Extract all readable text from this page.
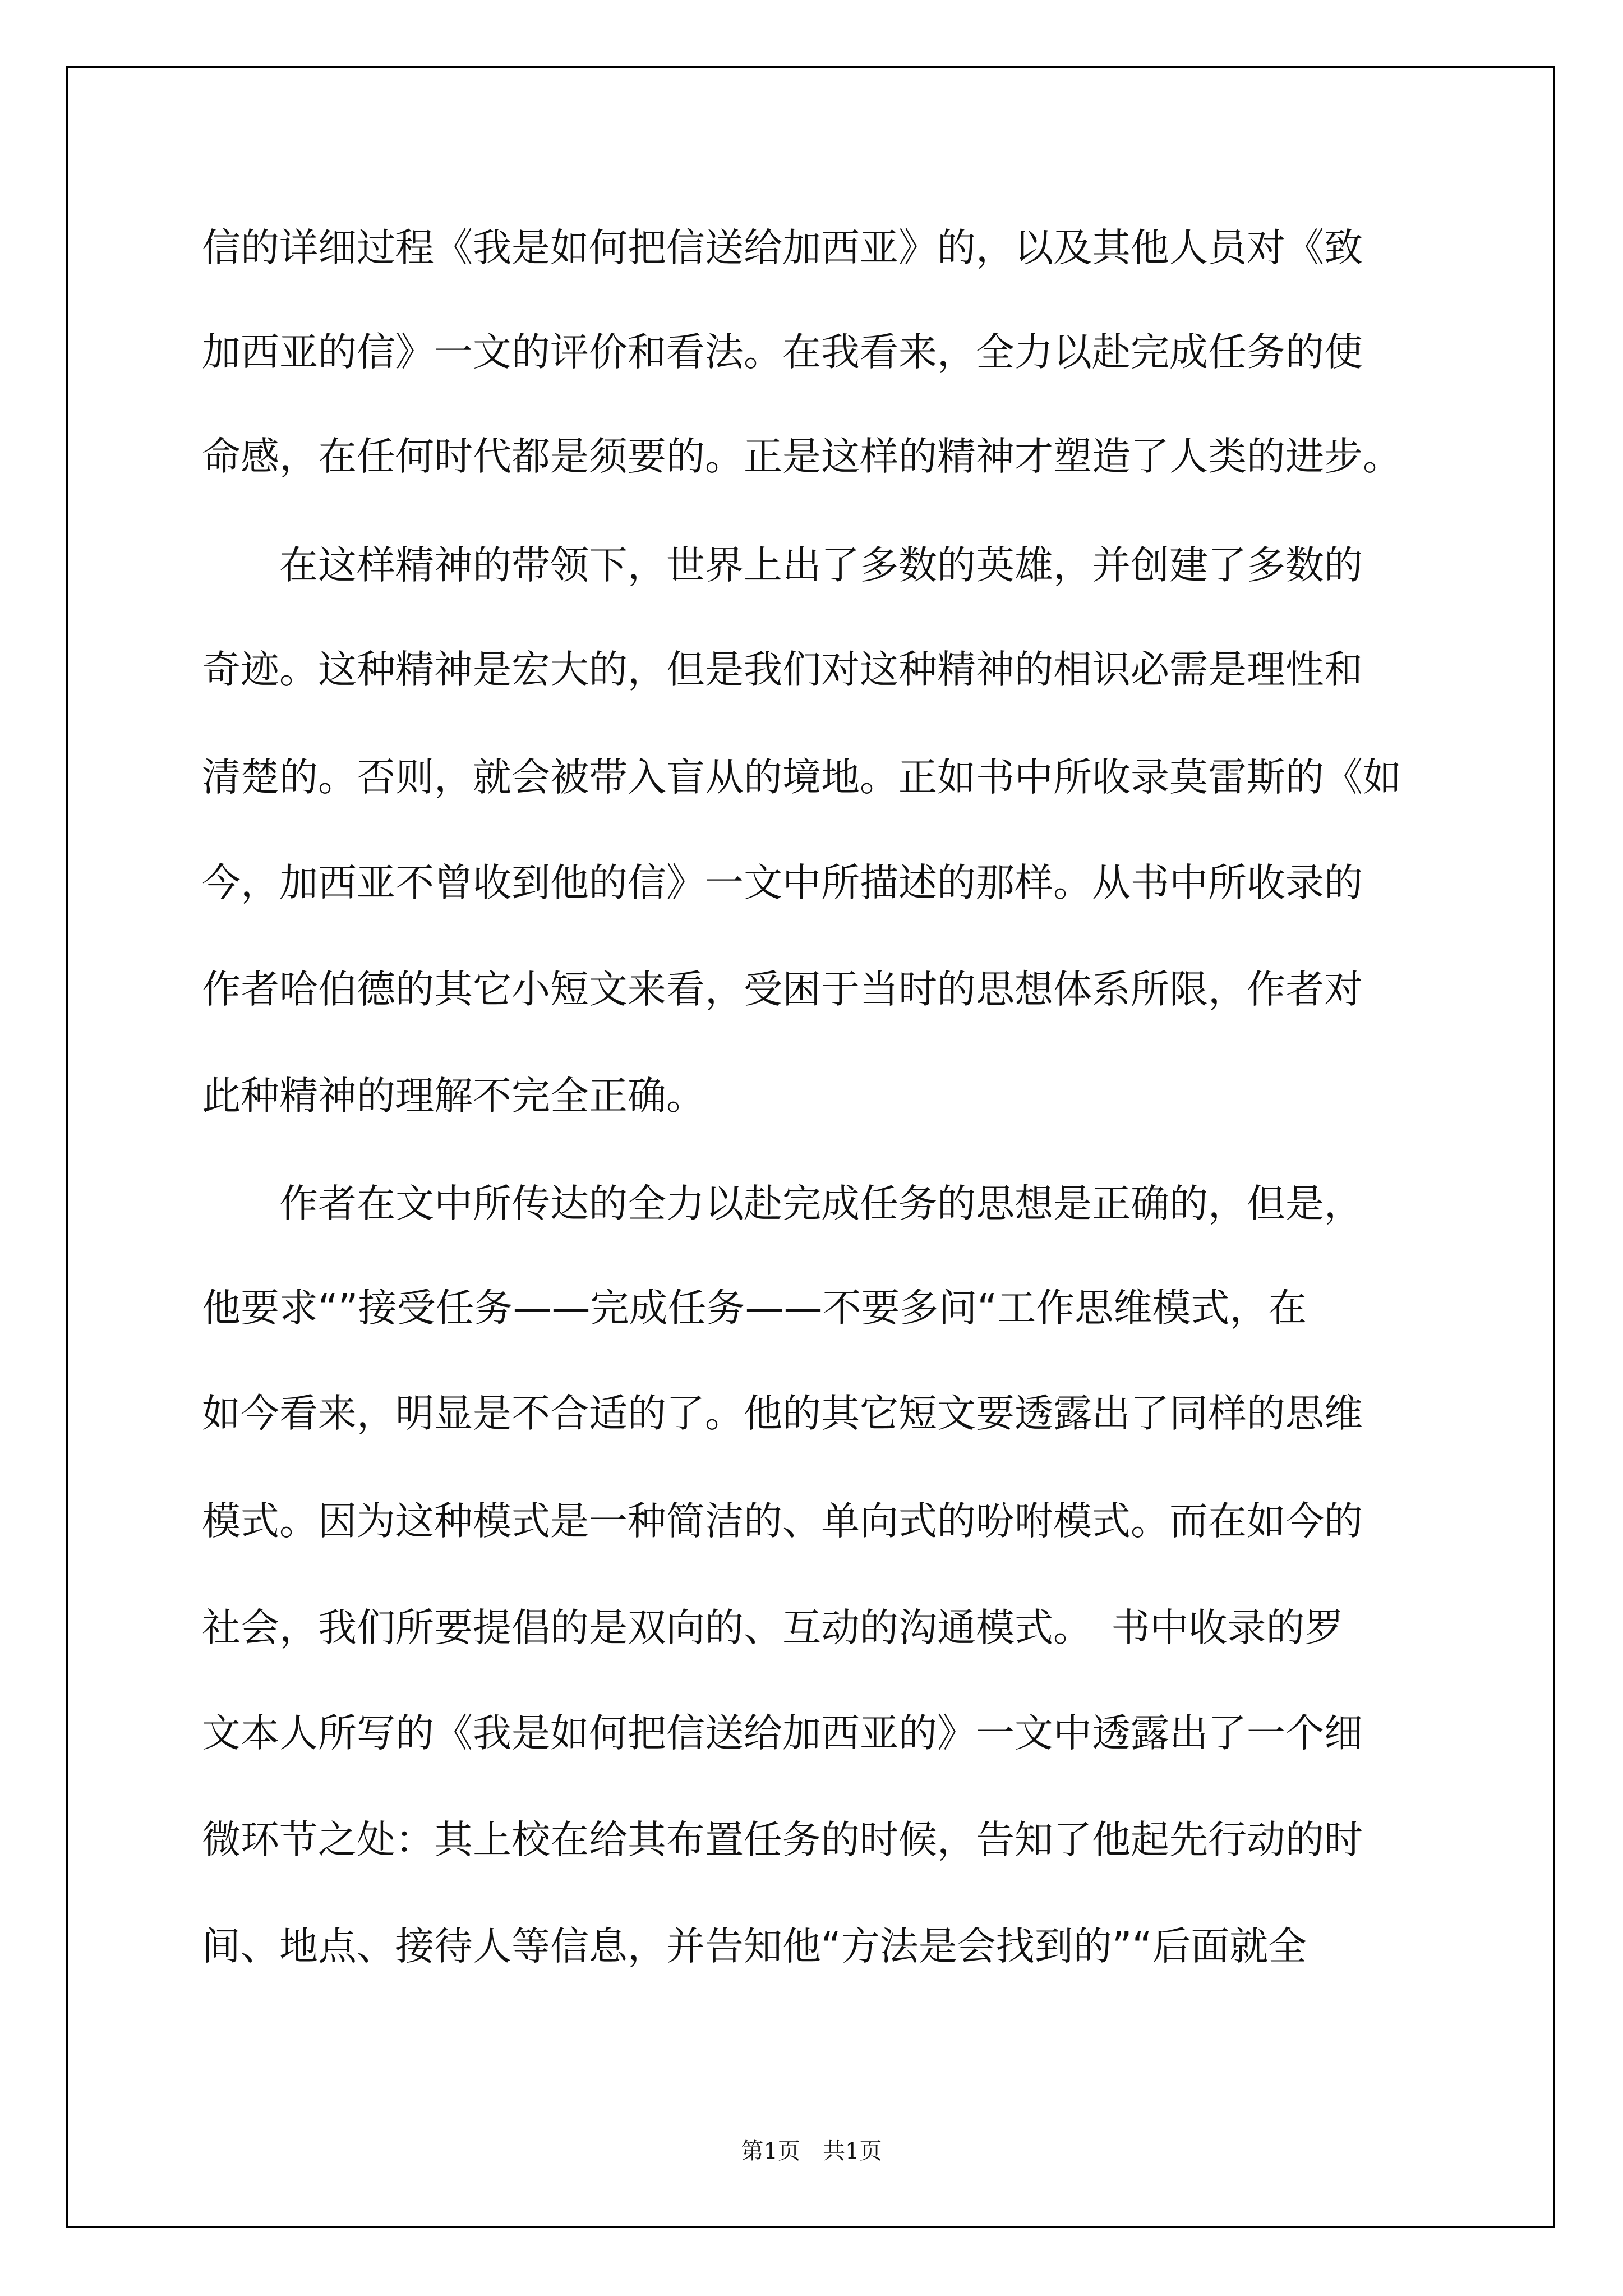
信的详细过程《我是如何把信送给加西亚》的，以及其他人员对《致
加西亚的信》一文的评价和看法。在我看来，全力以赴完成任务的使
命感，在任何时代都是须要的。正是这样的精神才塑造了人类的进步。
　　在这样精神的带领下，世界上出了多数的英雄，并创建了多数的
奇迹。这种精神是宏大的，但是我们对这种精神的相识必需是理性和
清楚的。否则，就会被带入盲从的境地。正如书中所收录莫雷斯的《如
今，加西亚不曾收到他的信》一文中所描述的那样。从书中所收录的
作者哈伯德的其它小短文来看，受困于当时的思想体系所限，作者对
此种精神的理解不完全正确。
　　作者在文中所传达的全力以赴完成任务的思想是正确的，但是，
他要求“”接受任务——完成任务——不要多问“工作思维模式，在
如今看来，明显是不合适的了。他的其它短文要透露出了同样的思维
模式。因为这种模式是一种简洁的、单向式的吩咐模式。而在如今的
社会，我们所要提倡的是双向的、互动的沟通模式。　书中收录的罗
文本人所写的《我是如何把信送给加西亚的》一文中透露出了一个细
微环节之处：其上校在给其布置任务的时候，告知了他起先行动的时
间、地点、接待人等信息，并告知他“方法是会找到的”“后面就全
第1页　共1页
